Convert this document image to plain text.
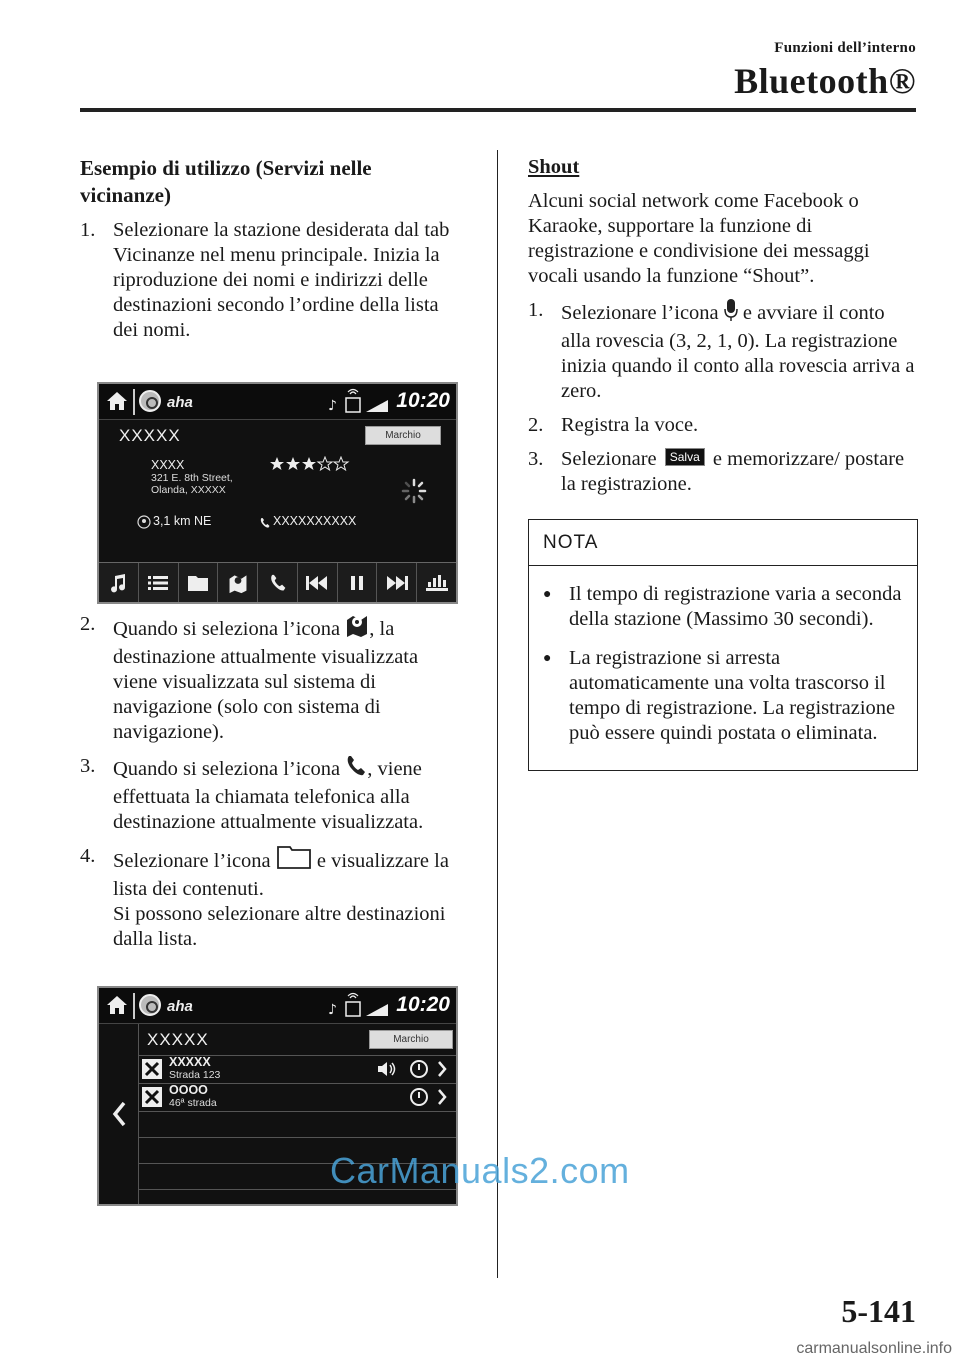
Funzioni dell’interno
Bluetooth®
Esempio di utilizzo (Servizi nelle vicinanze)
1. Selezionare la stazione desiderata dal tab Vicinanze nel menu principale. Inizia la riproduzione dei nomi e indirizzi delle destinazioni secondo l’ordine della lista dei nomi.
2. Quando si seleziona l’icona , la destinazione attualmente visualizzata viene visualizzata sul sistema di navigazione (solo con sistema di navigazione).
3. Quando si seleziona l’icona , viene effettuata la chiamata telefonica alla destinazione attualmente visualizzata.
4. Selezionare l’icona  e visualizzare la lista dei contenuti.
Si possono selezionare altre destinazioni dalla lista.
aha	♪	10:20
XXXXX	Marchio
XXXX
321 E. 8th Street,
Olanda, XXXXX
3,1 km NE	XXXXXXXXXX
aha	♪	10:20
XXXXX	Marchio
XXXXX
Strada 123
OOOO
46ª strada
Shout
Alcuni social network come Facebook o Karaoke, supportare la funzione di registrazione e condivisione dei messaggi vocali usando la funzione “Shout”.
1. Selezionare l’icona  e avviare il conto alla rovescia (3, 2, 1, 0). La registrazione inizia quando il conto alla rovescia arriva a zero.
2. Registra la voce.
3. Selezionare Salva e memorizzare/ postare la registrazione.
NOTA
● Il tempo di registrazione varia a seconda della stazione (Massimo 30 secondi).
● La registrazione si arresta automaticamente una volta trascorso il tempo di registrazione. La registrazione può essere quindi postata o eliminata.
CarManuals2.com
5-141
carmanualsonline.info
